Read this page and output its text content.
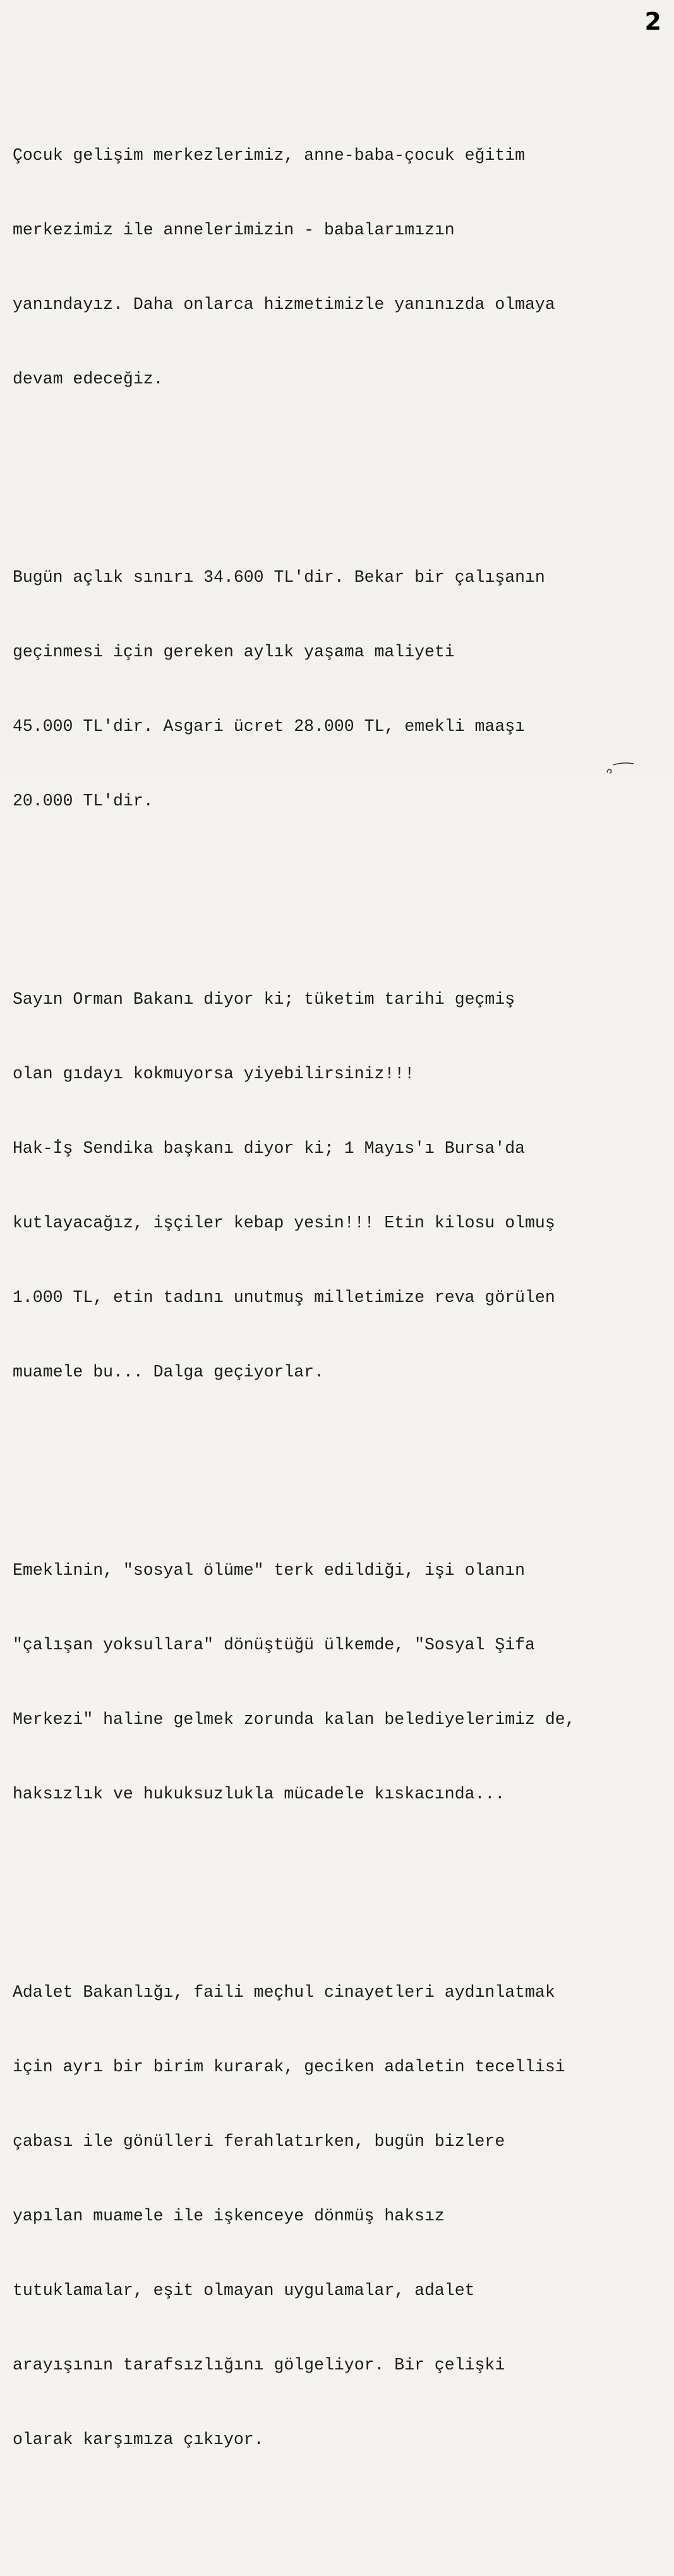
2

Çocuk gelişim merkezlerimiz, anne-baba-çocuk eğitim

merkezimiz ile annelerimizin - babalarımızın

yanındayız. Daha onlarca hizmetimizle yanınızda olmaya

devam edeceğiz.

Bugün açlık sınırı 34.600 TL'dir. Bekar bir çalışanın

geçinmesi için gereken aylık yaşama maliyeti

45.000 TL'dir. Asgari ücret 28.000 TL, emekli maaşı

20.000 TL'dir.

Sayın Orman Bakanı diyor ki; tüketim tarihi geçmiş

olan gıdayı kokmuyorsa yiyebilirsiniz!!!

Hak-İş Sendika başkanı diyor ki; 1 Mayıs'ı Bursa'da

kutlayacağız, işçiler kebap yesin!!! Etin kilosu olmuş

1.000 TL, etin tadını unutmuş milletimize reva görülen

muamele bu... Dalga geçiyorlar.

Emeklinin, "sosyal ölüme" terk edildiği, işi olanın

"çalışan yoksullara" dönüştüğü ülkemde, "Sosyal Şifa

Merkezi" haline gelmek zorunda kalan belediyelerimiz de,

haksızlık ve hukuksuzlukla mücadele kıskacında...

Adalet Bakanlığı, faili meçhul cinayetleri aydınlatmak

için ayrı bir birim kurarak, geciken adaletin tecellisi

çabası ile gönülleri ferahlatırken, bugün bizlere

yapılan muamele ile işkenceye dönmüş haksız

tutuklamalar, eşit olmayan uygulamalar, adalet

arayışının tarafsızlığını gölgeliyor. Bir çelişki

olarak karşımıza çıkıyor.
